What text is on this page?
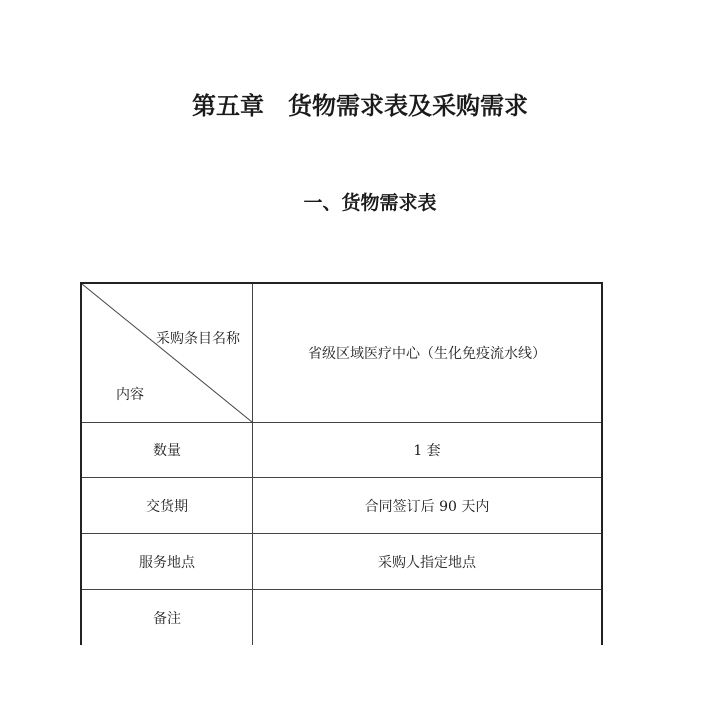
第五章　货物需求表及采购需求
一、货物需求表
采购条目名称
内容	省级区域医疗中心（生化免疫流水线）
数量	1 套
交货期	合同签订后 90 天内
服务地点	采购人指定地点
备注	
